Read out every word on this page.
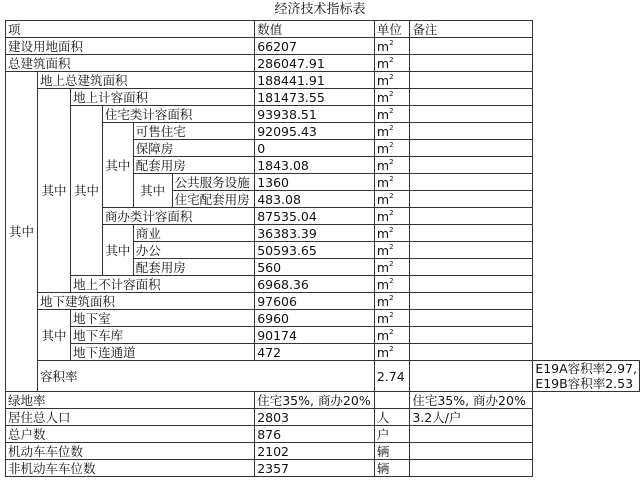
经济技术指标表
项						数值	单位	备注	
建设用地面积						66207	$m^2$	
总建筑面积						286047.91	$m^2$	
其中	地上总建筑面积					188441.91	$m^2$	
	其中	地上计容面积				181473.55	$m^2$	
		其中	住宅类计容面积			93938.51	$m^2$	
			其中	可售住宅		92095.43	$m^2$	
				保障房		0	$m^2$	
				配套用房		1843.08	$m^2$	
				其中	公共服务设施	1360	$m^2$	
					住宅配套用房	483.08	$m^2$	
			商办类计容面积			87535.04	$m^2$	
			其中	商业		36383.39	$m^2$	
				办公		50593.65	$m^2$	
				配套用房		560	$m^2$	
		地上不计容面积				6968.36	$m^2$	
	地下建筑面积					97606	$m^2$	
	其中	地下室				6960	$m^2$	
		地下车库				90174	$m^2$	
		地下连通道				472	$m^2$	
	容积率						2.74		E19A容积率2.97,
E19B容积率2.53

绿地率						住宅35%, 商办20%		住宅35%, 商办20%	
居住总人口						2803	人	3.2人/户	
总户数						876	户		
机动车车位数						2102	辆		
非机动车车位数						2357	辆		
